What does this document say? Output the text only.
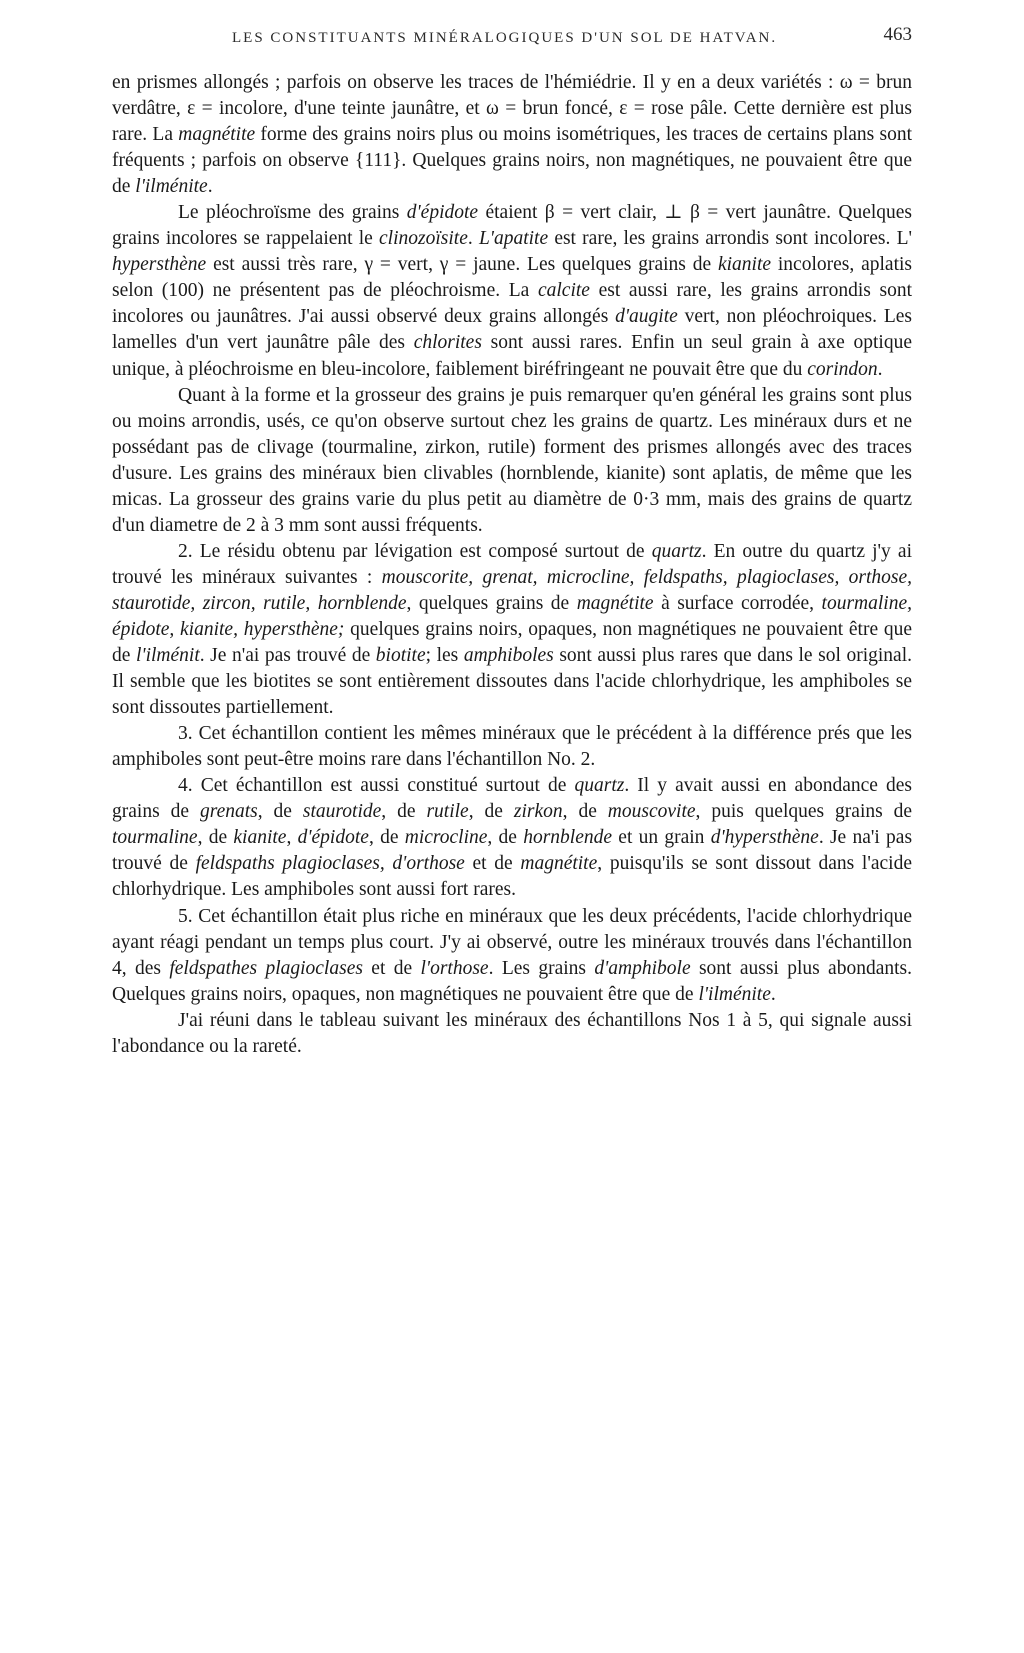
LES CONSTITUANTS MINÉRALOGIQUES D'UN SOL DE HATVAN.	463

en prismes allongés ; parfois on observe les traces de l'hémiédrie. Il y en a deux variétés : ω = brun verdâtre, ε = incolore, d'une teinte jaunâtre, et ω = brun foncé, ε = rose pâle. Cette dernière est plus rare. La magnétite forme des grains noirs plus ou moins isométriques, les traces de certains plans sont fréquents ; parfois on observe {111}. Quelques grains noirs, non magnétiques, ne pouvaient être que de l'ilménite.

Le pléochroïsme des grains d'épidote étaient β = vert clair, ⊥ β = vert jaunâtre. Quelques grains incolores se rappelaient le clinozoïsite. L'apatite est rare, les grains arrondis sont incolores. L' hypersthène est aussi très rare, γ = vert, γ = jaune. Les quelques grains de kianite incolores, aplatis selon (100) ne présentent pas de pléochroisme. La calcite est aussi rare, les grains arrondis sont incolores ou jaunâtres. J'ai aussi observé deux grains allongés d'augite vert, non pléochroiques. Les lamelles d'un vert jaunâtre pâle des chlorites sont aussi rares. Enfin un seul grain à axe optique unique, à pléochroisme en bleu-incolore, faiblement biréfringeant ne pouvait être que du corindon.

Quant à la forme et la grosseur des grains je puis remarquer qu'en général les grains sont plus ou moins arrondis, usés, ce qu'on observe surtout chez les grains de quartz. Les minéraux durs et ne possédant pas de clivage (tourmaline, zirkon, rutile) forment des prismes allongés avec des traces d'usure. Les grains des minéraux bien clivables (hornblende, kianite) sont aplatis, de même que les micas. La grosseur des grains varie du plus petit au diamètre de 0·3 mm, mais des grains de quartz d'un diametre de 2 à 3 mm sont aussi fréquents.

2. Le résidu obtenu par lévigation est composé surtout de quartz. En outre du quartz j'y ai trouvé les minéraux suivantes : mouscorite, grenat, microcline, feldspaths, plagioclases, orthose, staurotide, zircon, rutile, hornblende, quelques grains de magnétite à surface corrodée, tourmaline, épidote, kianite, hypersthène; quelques grains noirs, opaques, non magnétiques ne pouvaient être que de l'ilménit. Je n'ai pas trouvé de biotite; les amphiboles sont aussi plus rares que dans le sol original. Il semble que les biotites se sont entièrement dissoutes dans l'acide chlorhydrique, les amphiboles se sont dissoutes partiellement.

3. Cet échantillon contient les mêmes minéraux que le précédent à la différence prés que les amphiboles sont peut-être moins rare dans l'échantillon No. 2.

4. Cet échantillon est aussi constitué surtout de quartz. Il y avait aussi en abondance des grains de grenats, de staurotide, de rutile, de zirkon, de mouscovite, puis quelques grains de tourmaline, de kianite, d'épidote, de microcline, de hornblende et un grain d'hypersthène. Je na'i pas trouvé de feldspaths plagioclases, d'orthose et de magnétite, puisqu'ils se sont dissout dans l'acide chlorhydrique. Les amphiboles sont aussi fort rares.

5. Cet échantillon était plus riche en minéraux que les deux précédents, l'acide chlorhydrique ayant réagi pendant un temps plus court. J'y ai observé, outre les minéraux trouvés dans l'échantillon 4, des feldspathes plagioclases et de l'orthose. Les grains d'amphibole sont aussi plus abondants. Quelques grains noirs, opaques, non magnétiques ne pouvaient être que de l'ilménite.

J'ai réuni dans le tableau suivant les minéraux des échantillons Nos 1 à 5, qui signale aussi l'abondance ou la rareté.
